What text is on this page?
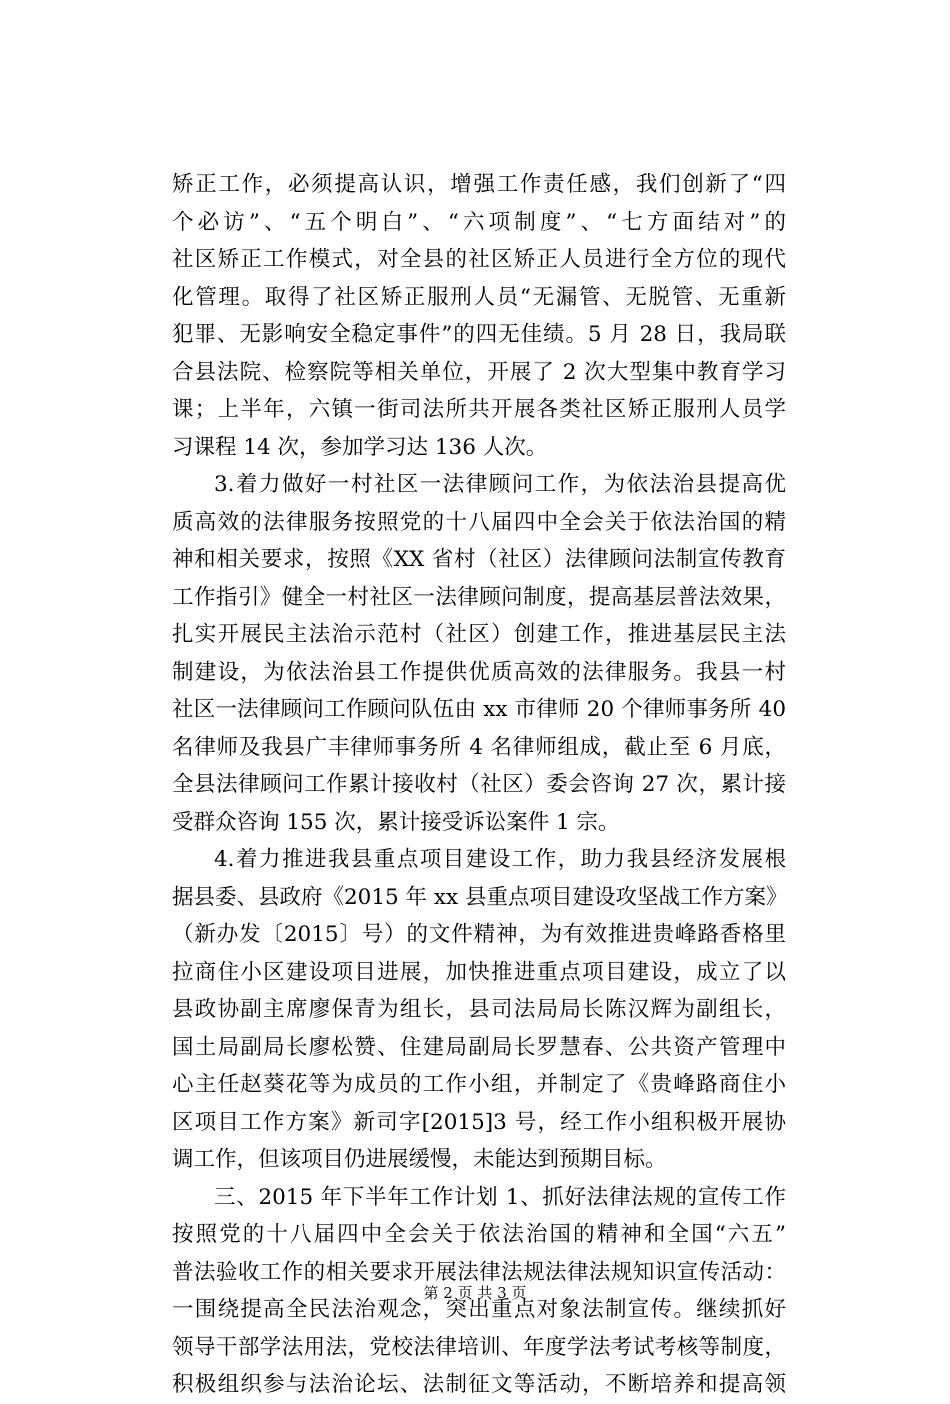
矫正工作，必须提高认识，增强工作责任感，我们创新了“四
个必访”、“五个明白”、“六项制度”、“七方面结对”的
社区矫正工作模式，对全县的社区矫正人员进行全方位的现代
化管理。取得了社区矫正服刑人员“无漏管、无脱管、无重新
犯罪、无影响安全稳定事件”的四无佳绩。5 月 28 日，我局联
合县法院、检察院等相关单位，开展了 2 次大型集中教育学习
课；上半年，六镇一街司法所共开展各类社区矫正服刑人员学
习课程 14 次，参加学习达 136 人次。
3.着力做好一村社区一法律顾问工作，为依法治县提高优
质高效的法律服务按照党的十八届四中全会关于依法治国的精
神和相关要求，按照《XX 省村（社区）法律顾问法制宣传教育
工作指引》健全一村社区一法律顾问制度，提高基层普法效果，
扎实开展民主法治示范村（社区）创建工作，推进基层民主法
制建设，为依法治县工作提供优质高效的法律服务。我县一村
社区一法律顾问工作顾问队伍由 xx 市律师 20 个律师事务所 40
名律师及我县广丰律师事务所 4 名律师组成，截止至 6 月底，
全县法律顾问工作累计接收村（社区）委会咨询 27 次，累计接
受群众咨询 155 次，累计接受诉讼案件 1 宗。
4.着力推进我县重点项目建设工作，助力我县经济发展根
据县委、县政府《2015 年 xx 县重点项目建设攻坚战工作方案》
（新办发〔2015〕号）的文件精神，为有效推进贵峰路香格里
拉商住小区建设项目进展，加快推进重点项目建设，成立了以
县政协副主席廖保青为组长，县司法局局长陈汉辉为副组长，
国土局副局长廖松赞、住建局副局长罗慧春、公共资产管理中
心主任赵葵花等为成员的工作小组，并制定了《贵峰路商住小
区项目工作方案》新司字[2015]3 号，经工作小组积极开展协
调工作，但该项目仍进展缓慢，未能达到预期目标。
三、2015 年下半年工作计划 1、抓好法律法规的宣传工作
按照党的十八届四中全会关于依法治国的精神和全国“六五”
普法验收工作的相关要求开展法律法规法律法规知识宣传活动：
一围绕提高全民法治观念，突出重点对象法制宣传。继续抓好
领导干部学法用法，党校法律培训、年度学法考试考核等制度，
积极组织参与法治论坛、法制征文等活动，不断培养和提高领
第 2 页 共 3 页
